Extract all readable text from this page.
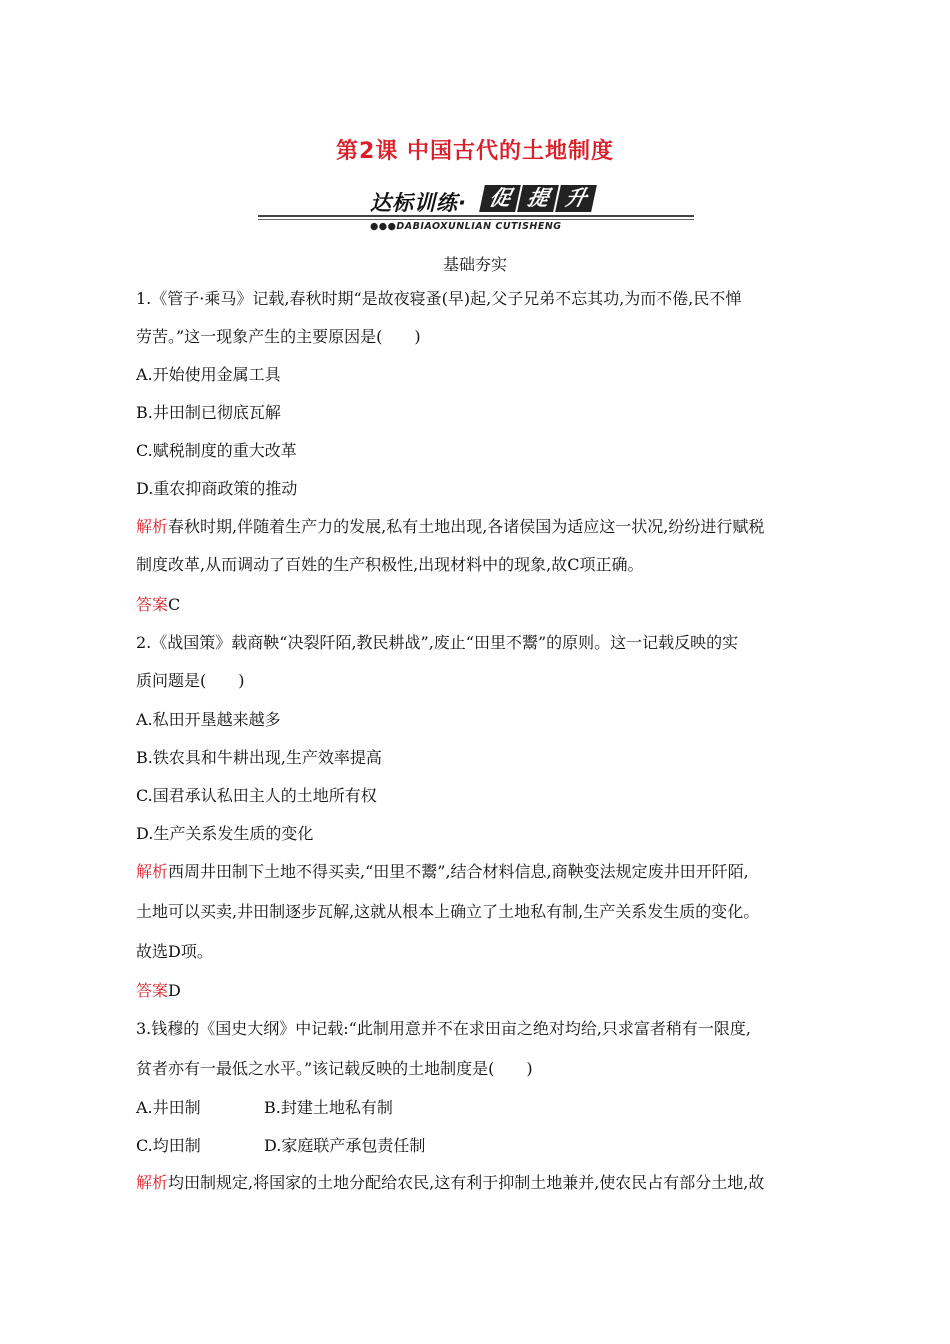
第2课 中国古代的土地制度
达标训练· 促 提 升
●●●DABIAOXUNLIAN CUTISHENG
基础夯实
1.《管子·乘马》记载,春秋时期“是故夜寝蚤(早)起,父子兄弟不忘其功,为而不倦,民不惮
劳苦。”这一现象产生的主要原因是(　　)
A.开始使用金属工具
B.井田制已彻底瓦解
C.赋税制度的重大改革
D.重农抑商政策的推动
解析春秋时期,伴随着生产力的发展,私有土地出现,各诸侯国为适应这一状况,纷纷进行赋税
制度改革,从而调动了百姓的生产积极性,出现材料中的现象,故C项正确。
答案C
2.《战国策》载商鞅“决裂阡陌,教民耕战”,废止“田里不鬻”的原则。这一记载反映的实
质问题是(　　)
A.私田开垦越来越多
B.铁农具和牛耕出现,生产效率提高
C.国君承认私田主人的土地所有权
D.生产关系发生质的变化
解析西周井田制下土地不得买卖,“田里不鬻”,结合材料信息,商鞅变法规定废井田开阡陌,
土地可以买卖,井田制逐步瓦解,这就从根本上确立了土地私有制,生产关系发生质的变化。
故选D项。
答案D
3.钱穆的《国史大纲》中记载:“此制用意并不在求田亩之绝对均给,只求富者稍有一限度,
贫者亦有一最低之水平。”该记载反映的土地制度是(　　)
A.井田制	B.封建土地私有制
C.均田制	D.家庭联产承包责任制
解析均田制规定,将国家的土地分配给农民,这有利于抑制土地兼并,使农民占有部分土地,故
